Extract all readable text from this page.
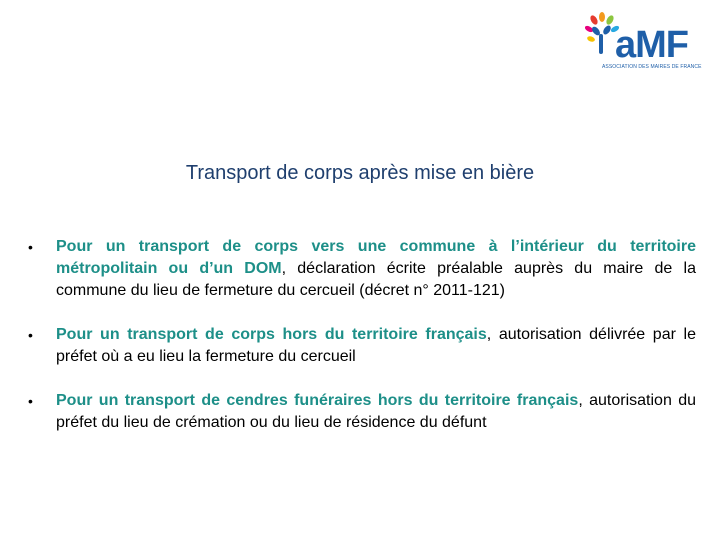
aMF
ASSOCIATION DES MAIRES DE FRANCE
Transport de corps après mise en bière
• Pour un transport de corps vers une commune à l’intérieur du territoire métropolitain ou d’un DOM, déclaration écrite préalable auprès du maire de la commune du lieu de fermeture du cercueil (décret n° 2011-121)
• Pour un transport de corps hors du territoire français, autorisation délivrée par le préfet où a eu lieu la fermeture du cercueil
• Pour un transport de cendres funéraires hors du territoire français, autorisation du préfet du lieu de crémation ou du lieu de résidence du défunt
